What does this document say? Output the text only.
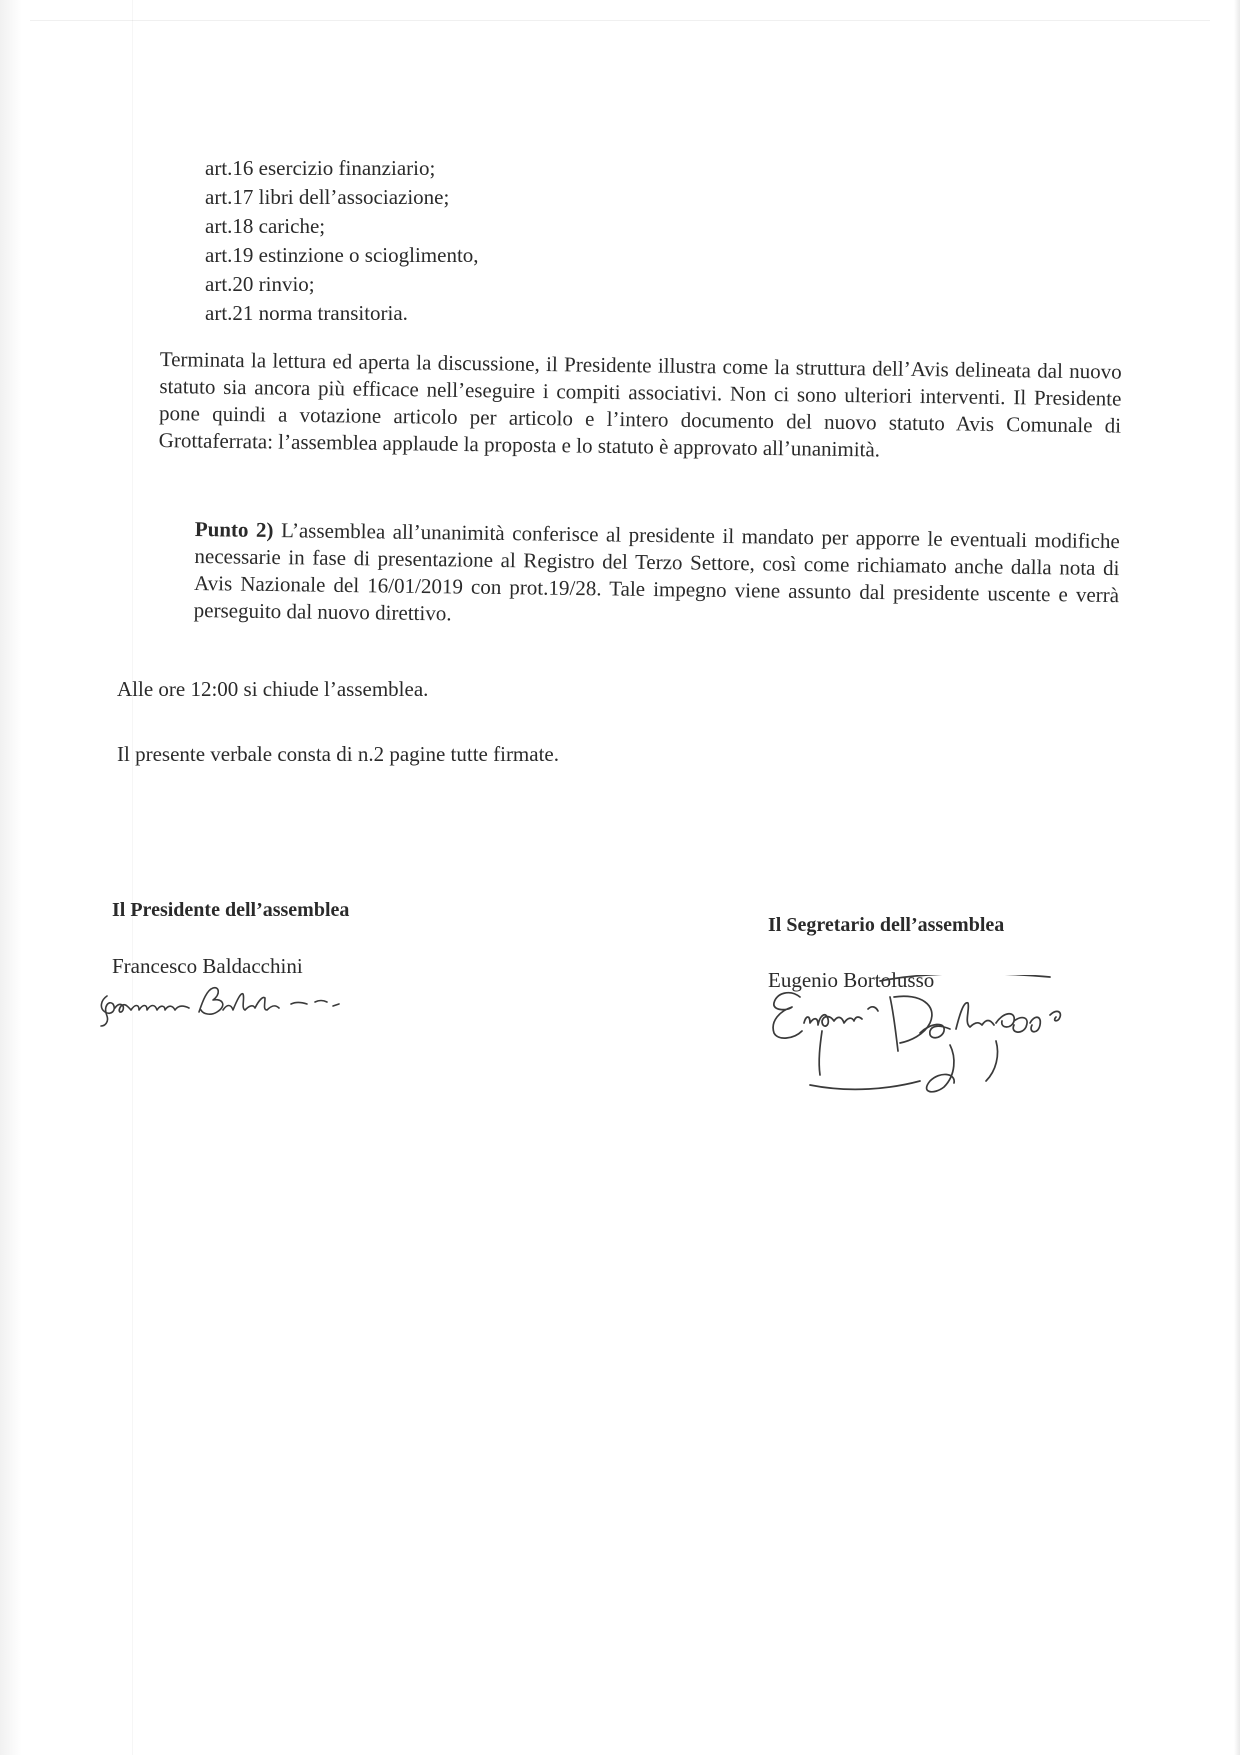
art.16 esercizio finanziario;
art.17 libri dell’associazione;
art.18 cariche;
art.19 estinzione o scioglimento,
art.20 rinvio;
art.21 norma transitoria.

Terminata la lettura ed aperta la discussione, il Presidente illustra come la struttura dell’Avis delineata dal nuovo statuto sia ancora più efficace nell’eseguire i compiti associativi. Non ci sono ulteriori interventi. Il Presidente pone quindi a votazione articolo per articolo e l’intero documento del nuovo statuto Avis Comunale di Grottaferrata: l’assemblea applaude la proposta e lo statuto è approvato all’unanimità.

Punto 2) L’assemblea all’unanimità conferisce al presidente il mandato per apporre le eventuali modifiche necessarie in fase di presentazione al Registro del Terzo Settore, così come richiamato anche dalla nota di Avis Nazionale del 16/01/2019 con prot.19/28. Tale impegno viene assunto dal presidente uscente e verrà perseguito dal nuovo direttivo.

Alle ore 12:00 si chiude l’assemblea.

Il presente verbale consta di n.2 pagine tutte firmate.

Il Presidente dell’assemblea
Francesco Baldacchini
Il Segretario dell’assemblea
Eugenio Bortolusso
